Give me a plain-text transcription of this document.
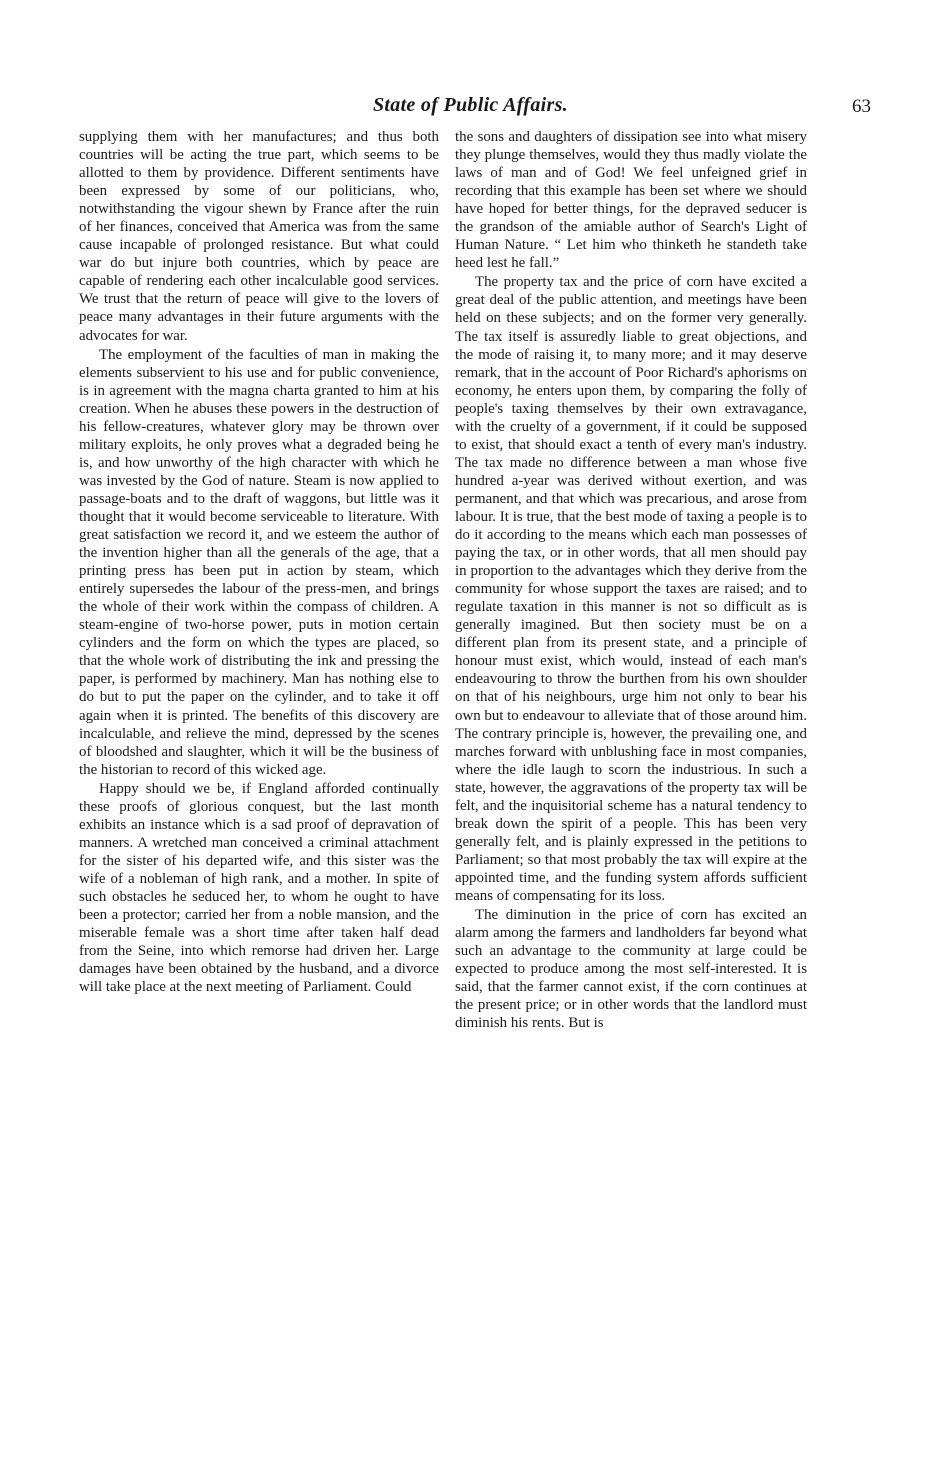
State of Public Affairs.	63

supplying them with her manufactures; and thus both countries will be acting the true part, which seems to be allotted to them by providence. Different sentiments have been expressed by some of our politicians, who, notwithstanding the vigour shewn by France after the ruin of her finances, conceived that America was from the same cause incapable of prolonged resistance. But what could war do but injure both countries, which by peace are capable of rendering each other incalculable good services. We trust that the return of peace will give to the lovers of peace many advantages in their future arguments with the advocates for war.

The employment of the faculties of man in making the elements subservient to his use and for public convenience, is in agreement with the magna charta granted to him at his creation. When he abuses these powers in the destruction of his fellow-creatures, whatever glory may be thrown over military exploits, he only proves what a degraded being he is, and how unworthy of the high character with which he was invested by the God of nature. Steam is now applied to passage-boats and to the draft of waggons, but little was it thought that it would become serviceable to literature. With great satisfaction we record it, and we esteem the author of the invention higher than all the generals of the age, that a printing press has been put in action by steam, which entirely supersedes the labour of the press-men, and brings the whole of their work within the compass of children. A steam-engine of two-horse power, puts in motion certain cylinders and the form on which the types are placed, so that the whole work of distributing the ink and pressing the paper, is performed by machinery. Man has nothing else to do but to put the paper on the cylinder, and to take it off again when it is printed. The benefits of this discovery are incalculable, and relieve the mind, depressed by the scenes of bloodshed and slaughter, which it will be the business of the historian to record of this wicked age.

Happy should we be, if England afforded continually these proofs of glorious conquest, but the last month exhibits an instance which is a sad proof of depravation of manners. A wretched man conceived a criminal attachment for the sister of his departed wife, and this sister was the wife of a nobleman of high rank, and a mother. In spite of such obstacles he seduced her, to whom he ought to have been a protector; carried her from a noble mansion, and the miserable female was a short time after taken half dead from the Seine, into which remorse had driven her. Large damages have been obtained by the husband, and a divorce will take place at the next meeting of Parliament. Could

the sons and daughters of dissipation see into what misery they plunge themselves, would they thus madly violate the laws of man and of God! We feel unfeigned grief in recording that this example has been set where we should have hoped for better things, for the depraved seducer is the grandson of the amiable author of Search's Light of Human Nature. “ Let him who thinketh he standeth take heed lest he fall.”

The property tax and the price of corn have excited a great deal of the public attention, and meetings have been held on these subjects; and on the former very generally. The tax itself is assuredly liable to great objections, and the mode of raising it, to many more; and it may deserve remark, that in the account of Poor Richard's aphorisms on economy, he enters upon them, by comparing the folly of people's taxing themselves by their own extravagance, with the cruelty of a government, if it could be supposed to exist, that should exact a tenth of every man's industry. The tax made no difference between a man whose five hundred a-year was derived without exertion, and was permanent, and that which was precarious, and arose from labour. It is true, that the best mode of taxing a people is to do it according to the means which each man possesses of paying the tax, or in other words, that all men should pay in proportion to the advantages which they derive from the community for whose support the taxes are raised; and to regulate taxation in this manner is not so difficult as is generally imagined. But then society must be on a different plan from its present state, and a principle of honour must exist, which would, instead of each man's endeavouring to throw the burthen from his own shoulder on that of his neighbours, urge him not only to bear his own but to endeavour to alleviate that of those around him. The contrary principle is, however, the prevailing one, and marches forward with unblushing face in most companies, where the idle laugh to scorn the industrious. In such a state, however, the aggravations of the property tax will be felt, and the inquisitorial scheme has a natural tendency to break down the spirit of a people. This has been very generally felt, and is plainly expressed in the petitions to Parliament; so that most probably the tax will expire at the appointed time, and the funding system affords sufficient means of compensating for its loss.

The diminution in the price of corn has excited an alarm among the farmers and landholders far beyond what such an advantage to the community at large could be expected to produce among the most self-interested. It is said, that the farmer cannot exist, if the corn continues at the present price; or in other words that the landlord must diminish his rents. But is
